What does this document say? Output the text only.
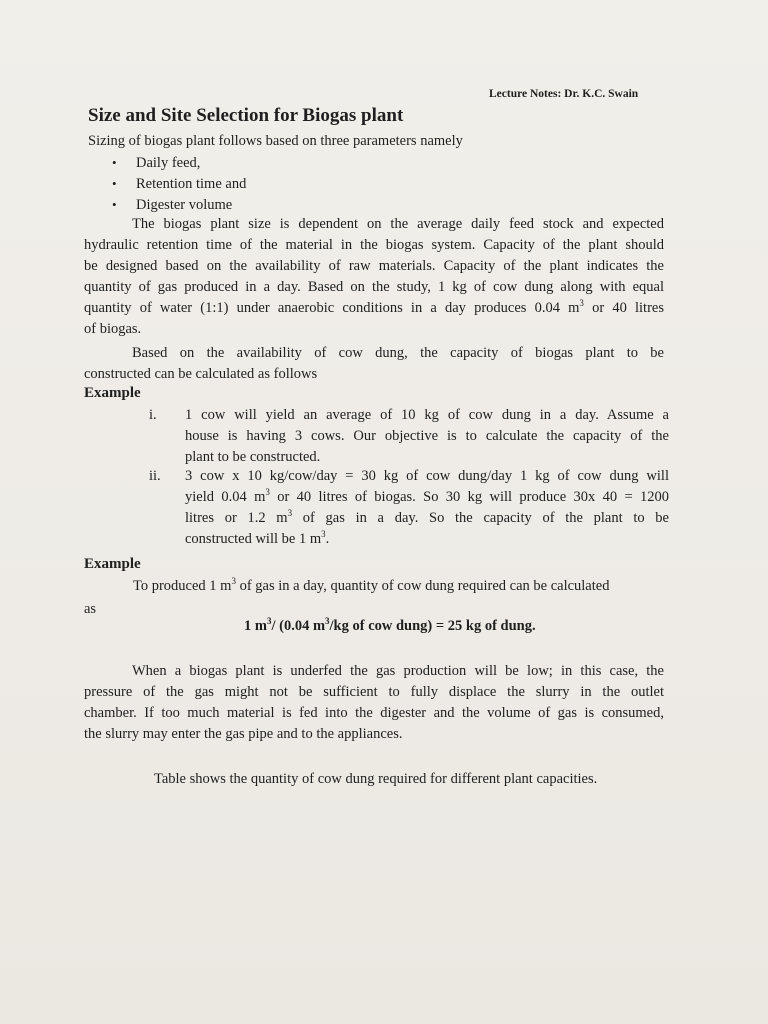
Lecture Notes: Dr. K.C. Swain
Size and Site Selection for Biogas plant
Sizing of biogas plant follows based on three parameters namely
• Daily feed,
• Retention time and
• Digester volume
The biogas plant size is dependent on the average daily feed stock and expected
hydraulic retention time of the material in the biogas system. Capacity of the plant should
be designed based on the availability of raw materials. Capacity of the plant indicates the
quantity of gas produced in a day. Based on the study, 1 kg of cow dung along with equal
quantity of water (1:1) under anaerobic conditions in a day produces 0.04 $m^3$ or 40 litres
of biogas.
Based on the availability of cow dung, the capacity of biogas plant to be
constructed can be calculated as follows
Example
i.	1 cow will yield an average of 10 kg of cow dung in a day. Assume a
house is having 3 cows. Our objective is to calculate the capacity of the
plant to be constructed.
ii.	3 cow x 10 kg/cow/day = 30 kg of cow dung/day 1 kg of cow dung will
yield 0.04 $m^3$ or 40 litres of biogas. So 30 kg will produce 30x 40 = 1200
litres or 1.2 $m^3$ of gas in a day. So the capacity of the plant to be
constructed will be 1 $m^3$.
Example
To produced 1 $m^3$ of gas in a day, quantity of cow dung required can be calculated
as
1 $m^3/$ (0.04 $m^3/kg$ of cow dung) = 25 kg of dung.
When a biogas plant is underfed the gas production will be low; in this case, the
pressure of the gas might not be sufficient to fully displace the slurry in the outlet
chamber. If too much material is fed into the digester and the volume of gas is consumed,
the slurry may enter the gas pipe and to the appliances.
Table shows the quantity of cow dung required for different plant capacities.
